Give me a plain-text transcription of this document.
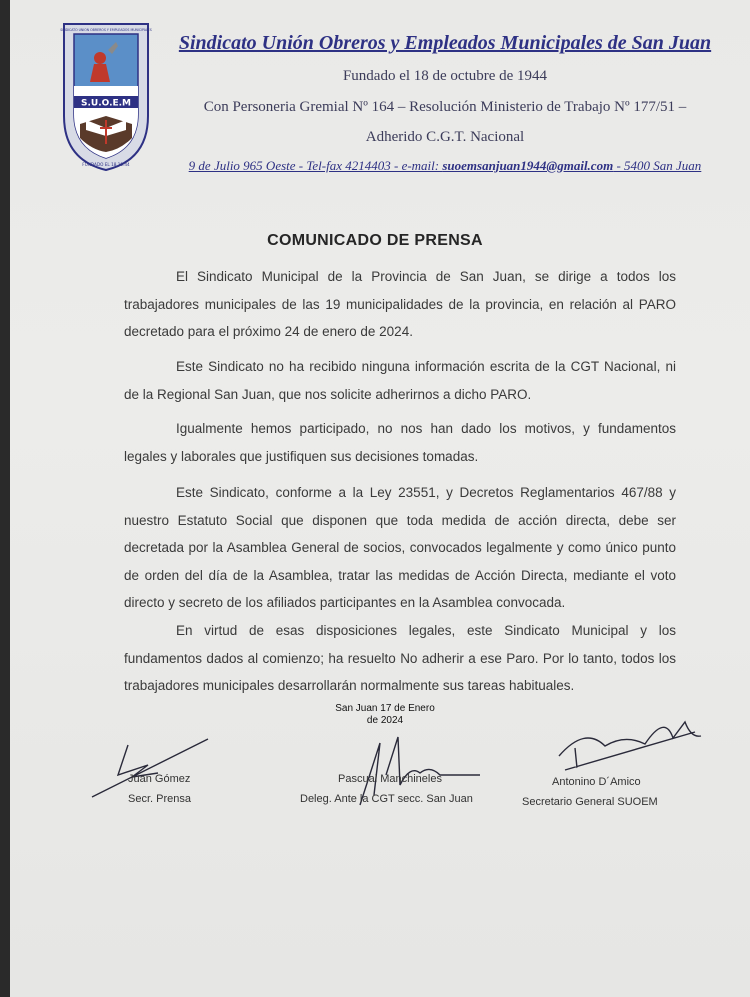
SINDICATO UNION OBREROS Y EMPLEADOS MUNICIPALES
S.U.O.E.M
FUNDADO EL 18.10.44
Sindicato Unión Obreros y Empleados Municipales de San Juan
Fundado el 18 de octubre de 1944
Con Personeria Gremial Nº 164 – Resolución Ministerio de Trabajo Nº 177/51 –
Adherido C.G.T. Nacional
9 de Julio 965 Oeste - Tel-fax 4214403 - e-mail: suoemsanjuan1944@gmail.com - 5400 San Juan
COMUNICADO DE PRENSA
El Sindicato Municipal de la Provincia de San Juan, se dirige a todos los trabajadores municipales de las 19 municipalidades de la provincia, en relación al PARO decretado para el próximo 24 de enero de 2024.
Este Sindicato no ha recibido ninguna información escrita de la CGT Nacional, ni de la Regional San Juan, que nos solicite adherirnos a dicho PARO.
Igualmente hemos participado, no nos han dado los motivos, y fundamentos legales y laborales que justifiquen sus decisiones tomadas.
Este Sindicato, conforme a la Ley 23551, y Decretos Reglamentarios 467/88 y nuestro Estatuto Social que disponen que toda medida de acción directa, debe ser decretada por la Asamblea General de socios, convocados legalmente y como único punto de orden del día de la Asamblea, tratar las medidas de Acción Directa, mediante el voto directo y secreto de los afiliados participantes en la Asamblea convocada.
En virtud de esas disposiciones legales, este Sindicato Municipal y los fundamentos dados al comienzo; ha resuelto No adherir a ese Paro. Por lo tanto, todos los trabajadores municipales desarrollarán normalmente sus tareas habituales.
San Juan 17 de Enero
de 2024
Juan Gómez
Secr. Prensa
Pascual Manchineles
Deleg. Ante la CGT secc. San Juan
Antonino D´Amico
Secretario General SUOEM
